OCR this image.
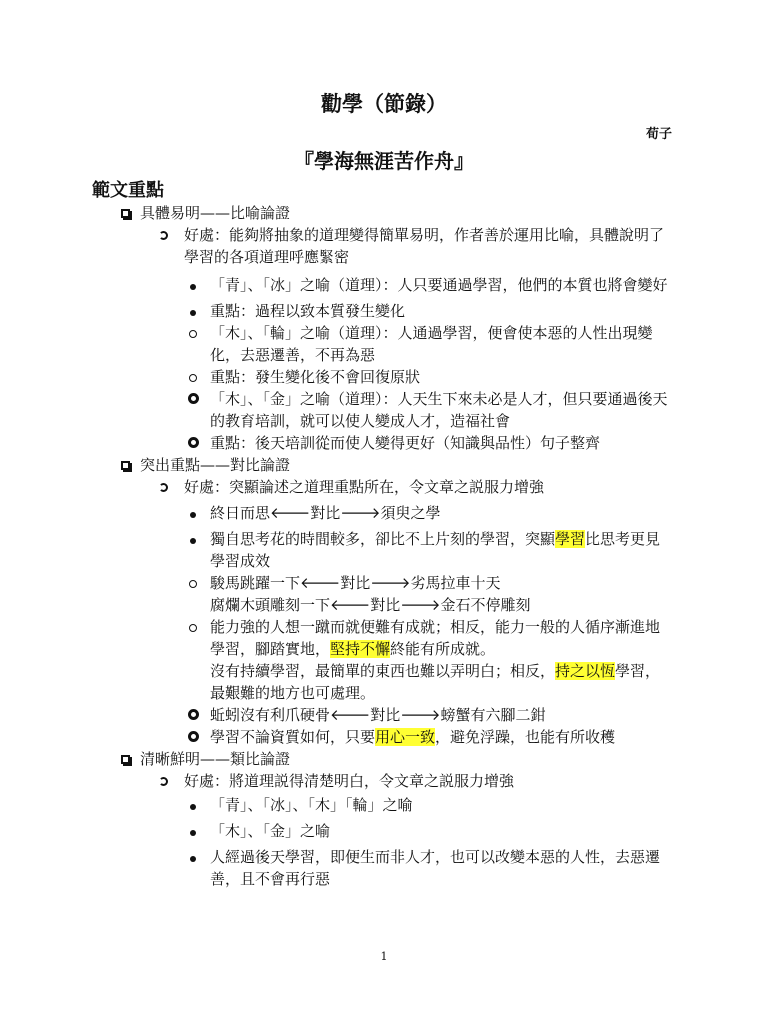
勸學（節錄）
荀子
『學海無涯苦作舟』
範文重點
具體易明——比喻論證
好處：能夠將抽象的道理變得簡單易明，作者善於運用比喻，具體說明了學習的各項道理呼應緊密
「青」、「冰」之喻（道理）：人只要通過學習，他們的本質也將會變好
重點：過程以致本質發生變化
「木」、「輪」之喻（道理）：人通過學習，便會使本惡的人性出現變化，去惡遷善，不再為惡
重點：發生變化後不會回復原狀
「木」、「金」之喻（道理）：人天生下來未必是人才，但只要通過後天的教育培訓，就可以使人變成人才，造福社會
重點：後天培訓從而使人變得更好（知識與品性）句子整齊
突出重點——對比論證
好處：突顯論述之道理重點所在，令文章之説服力增強
終日而思🡐對比🡒須臾之學
獨自思考花的時間較多，卻比不上片刻的學習，突顯學習比思考更見學習成效
駿馬跳躍一下🡐對比🡒劣馬拉車十天
腐爛木頭雕刻一下🡐對比🡒金石不停雕刻
能力強的人想一蹴而就便難有成就；相反，能力一般的人循序漸進地學習，腳踏實地，堅持不懈終能有所成就。
沒有持續學習，最簡單的東西也難以弄明白；相反，持之以恆學習，最艱難的地方也可處理。
蚯蚓沒有利爪硬骨🡐對比🡒螃蟹有六腳二鉗
學習不論資質如何，只要用心一致，避免浮躁，也能有所收穫
清晰鮮明——類比論證
好處：將道理説得清楚明白，令文章之説服力增強
「青」、「冰」、「木」「輪」之喻
「木」、「金」之喻
人經過後天學習，即便生而非人才，也可以改變本惡的人性，去惡遷善，且不會再行惡
1
